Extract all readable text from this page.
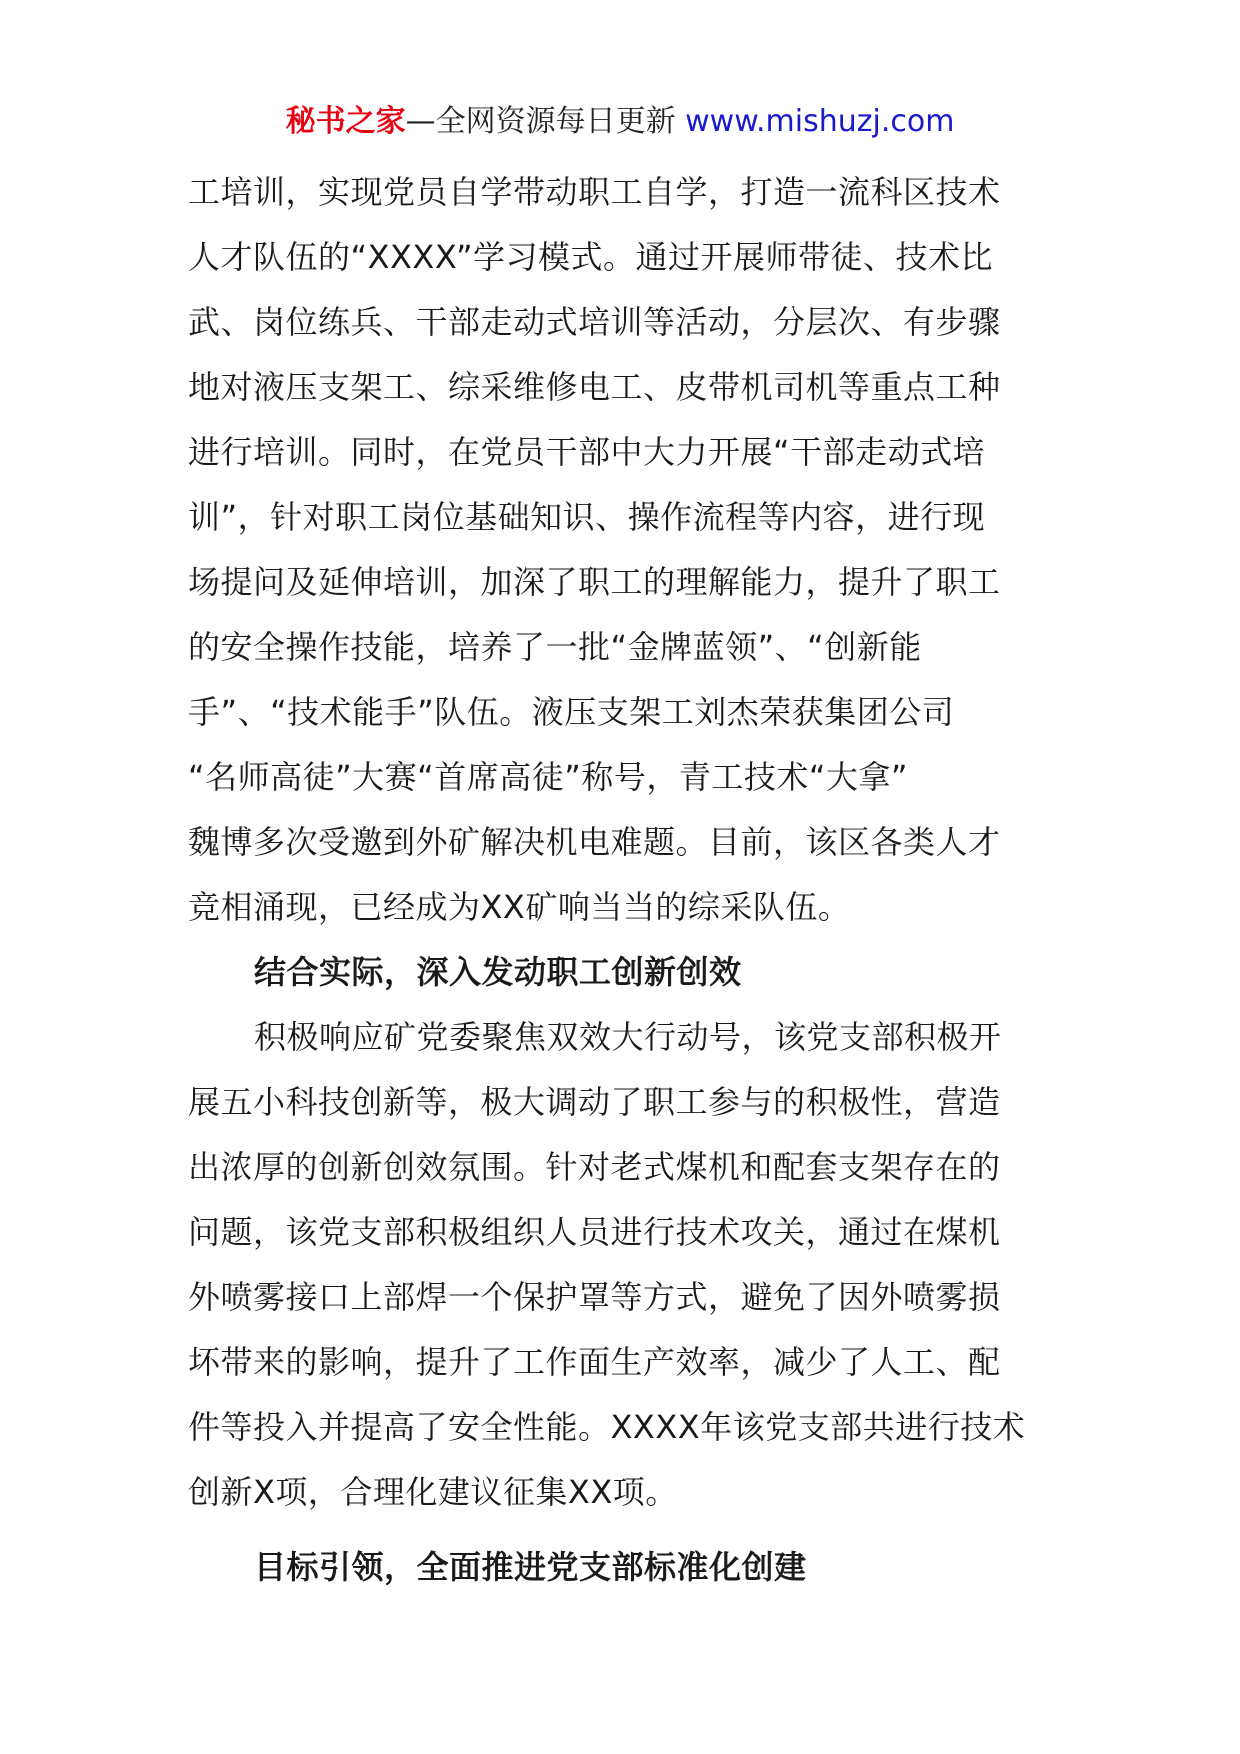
秘书之家—全网资源每日更新 www.mishuzj.com
工培训，实现党员自学带动职工自学，打造一流科区技术
人才队伍的“XXXX”学习模式。通过开展师带徒、技术比
武、岗位练兵、干部走动式培训等活动，分层次、有步骤
地对液压支架工、综采维修电工、皮带机司机等重点工种
进行培训。同时，在党员干部中大力开展“干部走动式培
训”，针对职工岗位基础知识、操作流程等内容，进行现
场提问及延伸培训，加深了职工的理解能力，提升了职工
的安全操作技能，培养了一批“金牌蓝领”、“创新能
手”、“技术能手”队伍。液压支架工刘杰荣获集团公司
“名师高徒”大赛“首席高徒”称号，青工技术“大拿”
魏博多次受邀到外矿解决机电难题。目前，该区各类人才
竞相涌现，已经成为XX矿响当当的综采队伍。
结合实际，深入发动职工创新创效
积极响应矿党委聚焦双效大行动号，该党支部积极开
展五小科技创新等，极大调动了职工参与的积极性，营造
出浓厚的创新创效氛围。针对老式煤机和配套支架存在的
问题，该党支部积极组织人员进行技术攻关，通过在煤机
外喷雾接口上部焊一个保护罩等方式，避免了因外喷雾损
坏带来的影响，提升了工作面生产效率，减少了人工、配
件等投入并提高了安全性能。XXXX年该党支部共进行技术
创新X项，合理化建议征集XX项。
目标引领，全面推进党支部标准化创建
